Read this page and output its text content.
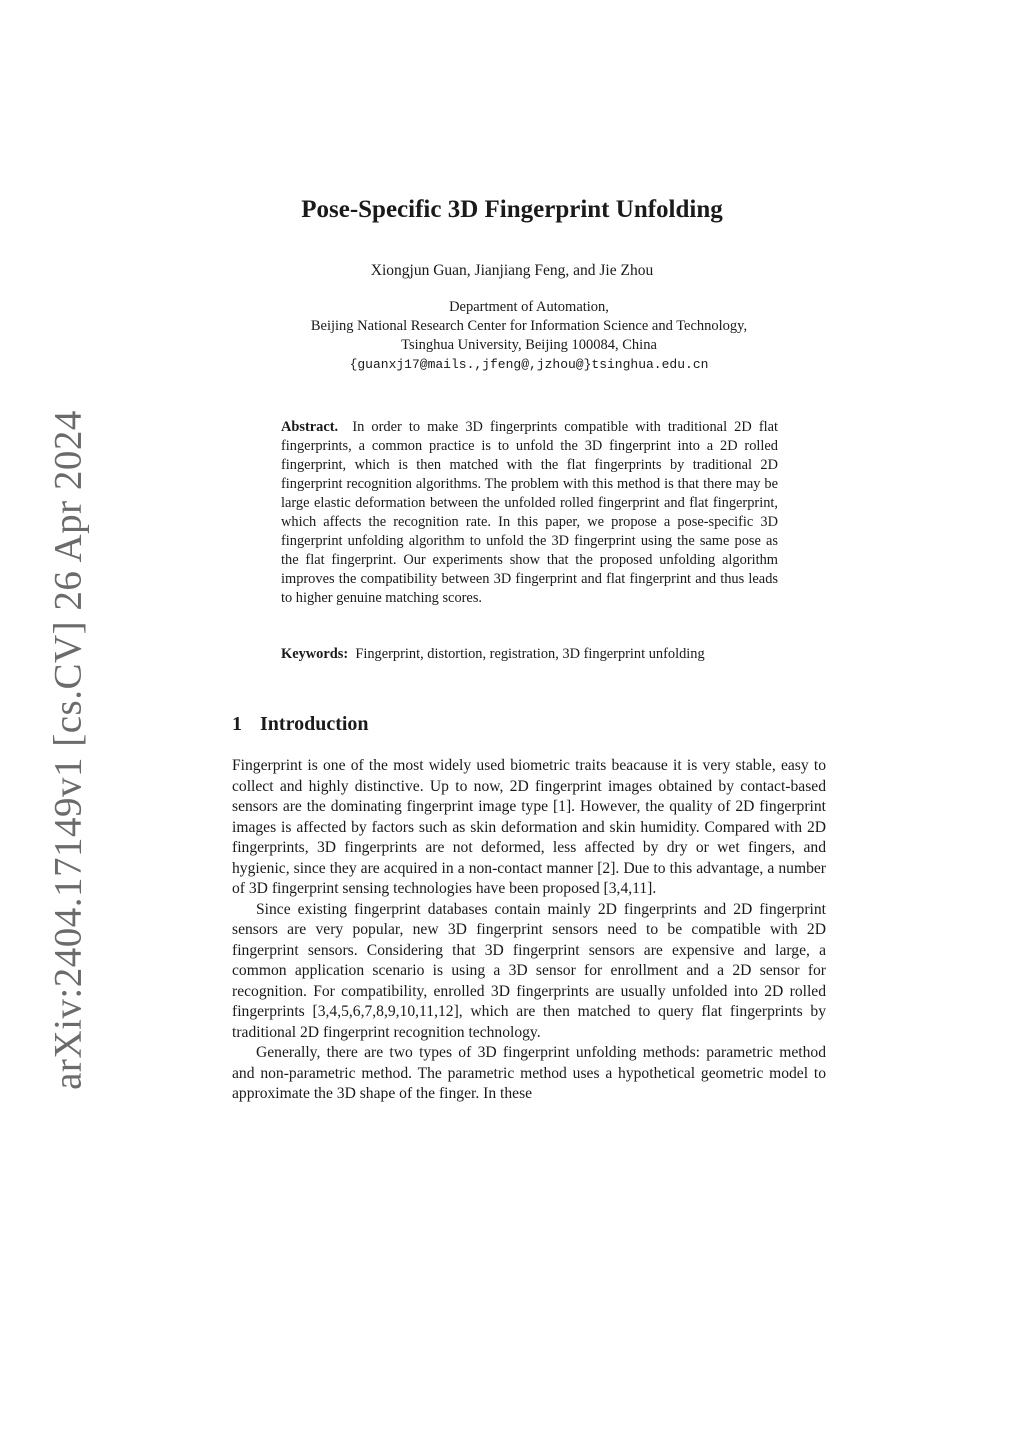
arXiv:2404.17149v1 [cs.CV] 26 Apr 2024
Pose-Specific 3D Fingerprint Unfolding
Xiongjun Guan, Jianjiang Feng, and Jie Zhou
Department of Automation,
Beijing National Research Center for Information Science and Technology,
Tsinghua University, Beijing 100084, China
{guanxj17@mails.,jfeng@,jzhou@}tsinghua.edu.cn

Abstract. In order to make 3D fingerprints compatible with traditional 2D flat fingerprints, a common practice is to unfold the 3D fingerprint into a 2D rolled fingerprint, which is then matched with the flat fingerprints by traditional 2D fingerprint recognition algorithms. The problem with this method is that there may be large elastic deformation between the unfolded rolled fingerprint and flat fingerprint, which affects the recognition rate. In this paper, we propose a pose-specific 3D fingerprint unfolding algorithm to unfold the 3D fingerprint using the same pose as the flat fingerprint. Our experiments show that the proposed unfolding algorithm improves the compatibility between 3D fingerprint and flat fingerprint and thus leads to higher genuine matching scores.

Keywords: Fingerprint, distortion, registration, 3D fingerprint unfolding

1 Introduction

Fingerprint is one of the most widely used biometric traits beacause it is very stable, easy to collect and highly distinctive. Up to now, 2D fingerprint images obtained by contact-based sensors are the dominating fingerprint image type [1]. However, the quality of 2D fingerprint images is affected by factors such as skin deformation and skin humidity. Compared with 2D fingerprints, 3D fingerprints are not deformed, less affected by dry or wet fingers, and hygienic, since they are acquired in a non-contact manner [2]. Due to this advantage, a number of 3D fingerprint sensing technologies have been proposed [3,4,11].

Since existing fingerprint databases contain mainly 2D fingerprints and 2D fingerprint sensors are very popular, new 3D fingerprint sensors need to be compatible with 2D fingerprint sensors. Considering that 3D fingerprint sensors are expensive and large, a common application scenario is using a 3D sensor for enrollment and a 2D sensor for recognition. For compatibility, enrolled 3D fingerprints are usually unfolded into 2D rolled fingerprints [3,4,5,6,7,8,9,10,11,12], which are then matched to query flat fingerprints by traditional 2D fingerprint recognition technology.

Generally, there are two types of 3D fingerprint unfolding methods: parametric method and non-parametric method. The parametric method uses a hypothetical geometric model to approximate the 3D shape of the finger. In these
